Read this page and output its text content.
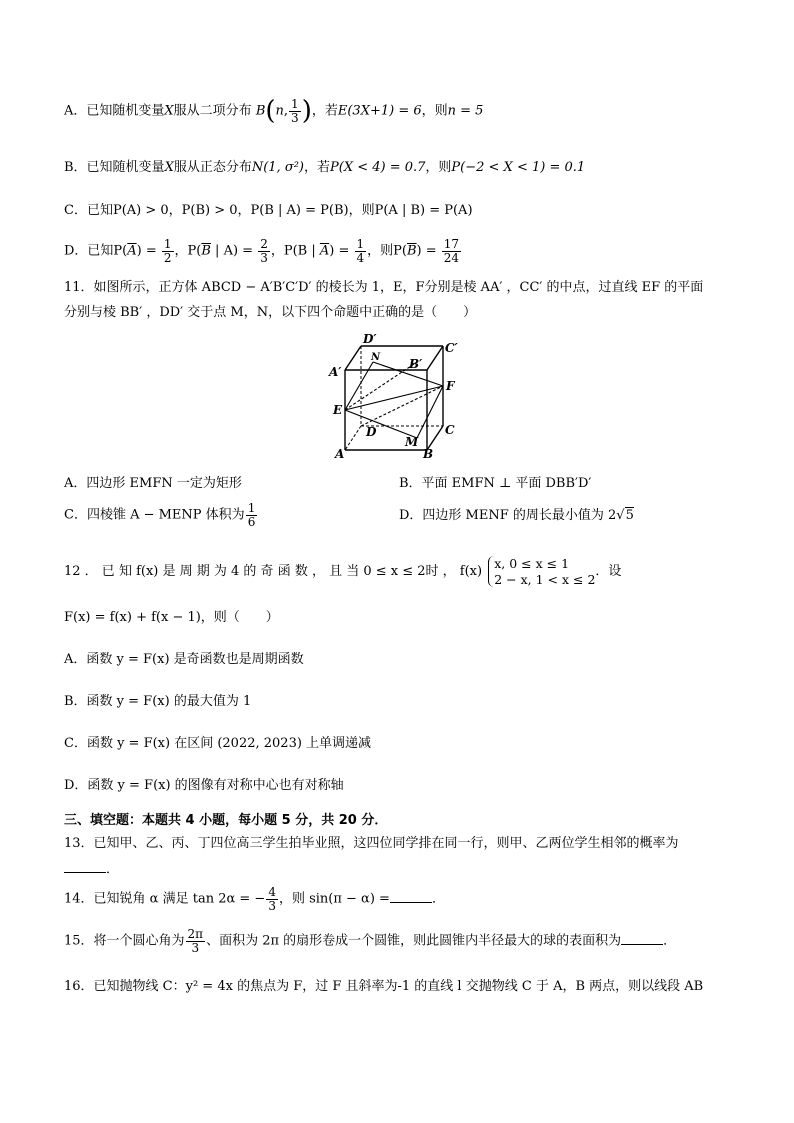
A．已知随机变量X服从二项分布 B(n, $\frac{1}{3}$ )，若E(3X+1) = 6，则n = 5
B．已知随机变量X服从正态分布N(1, σ²)，若P(X < 4) = 0.7，则P(−2 < X < 1) = 0.1
C．已知P(A) > 0，P(B) > 0，P(B | A) = P(B)，则P(A | B) = P(A)
D．已知$P(\overline{A}) = \frac{1}{2}$ ，$P(\overline{B}$ | $A) = \frac{2}{3}$ ，P(B | $\overline{A}) = \frac{1}{4}$ ，则$P(\overline{B}) = \frac{17}{24}$
11．如图所示，正方体 ABCD − A′B′C′D′ 的棱长为 1，E，F分别是棱 AA′ ，CC′ 的中点，过直线 EF 的平面
分别与棱 BB′ ，DD′ 交于点 M，N，以下四个命题中正确的是（　　）
D′
C′
N B′
A′
F
E
D
M
C
A	B
A．四边形 EMFN 一定为矩形	B．平面 EMFN ⊥ 平面 DBB′D′
C．四棱锥 A − MENP 体积为 $\frac{1}{6}$	D．四边形 MENF 的周长最小值为 2√5
12 ． 已 知 f(x) 是 周 期 为 4 的 奇 函 数 ， 且 当 0 ≤ x ≤ 2时 ， f(x)
x, 0 ≤ x ≤ 1
2 − x, 1 < x ≤ 2 ．设
F(x) = f(x) + f(x − 1)，则（　　）
A．函数 y = F(x) 是奇函数也是周期函数
B．函数 y = F(x) 的最大值为 1
C．函数 y = F(x) 在区间 (2022, 2023) 上单调递减
D．函数 y = F(x) 的图像有对称中心也有对称轴
三、填空题：本题共 4 小题，每小题 5 分，共 20 分．
13．已知甲、乙、丙、丁四位高三学生拍毕业照，这四位同学排在同一行，则甲、乙两位学生相邻的概率为
．
14．已知锐角 α 满足 tan 2α = − $\frac{4}{3}$ ，则 sin(π − α) =	．
15．将一个圆心角为 $\frac{2\pi}{3}$ 、面积为 2π 的扇形卷成一个圆锥，则此圆锥内半径最大的球的表面积为	．
16．已知抛物线 C：y² = 4x 的焦点为 F，过 F 且斜率为-1 的直线 l 交抛物线 C 于 A，B 两点，则以线段 AB
